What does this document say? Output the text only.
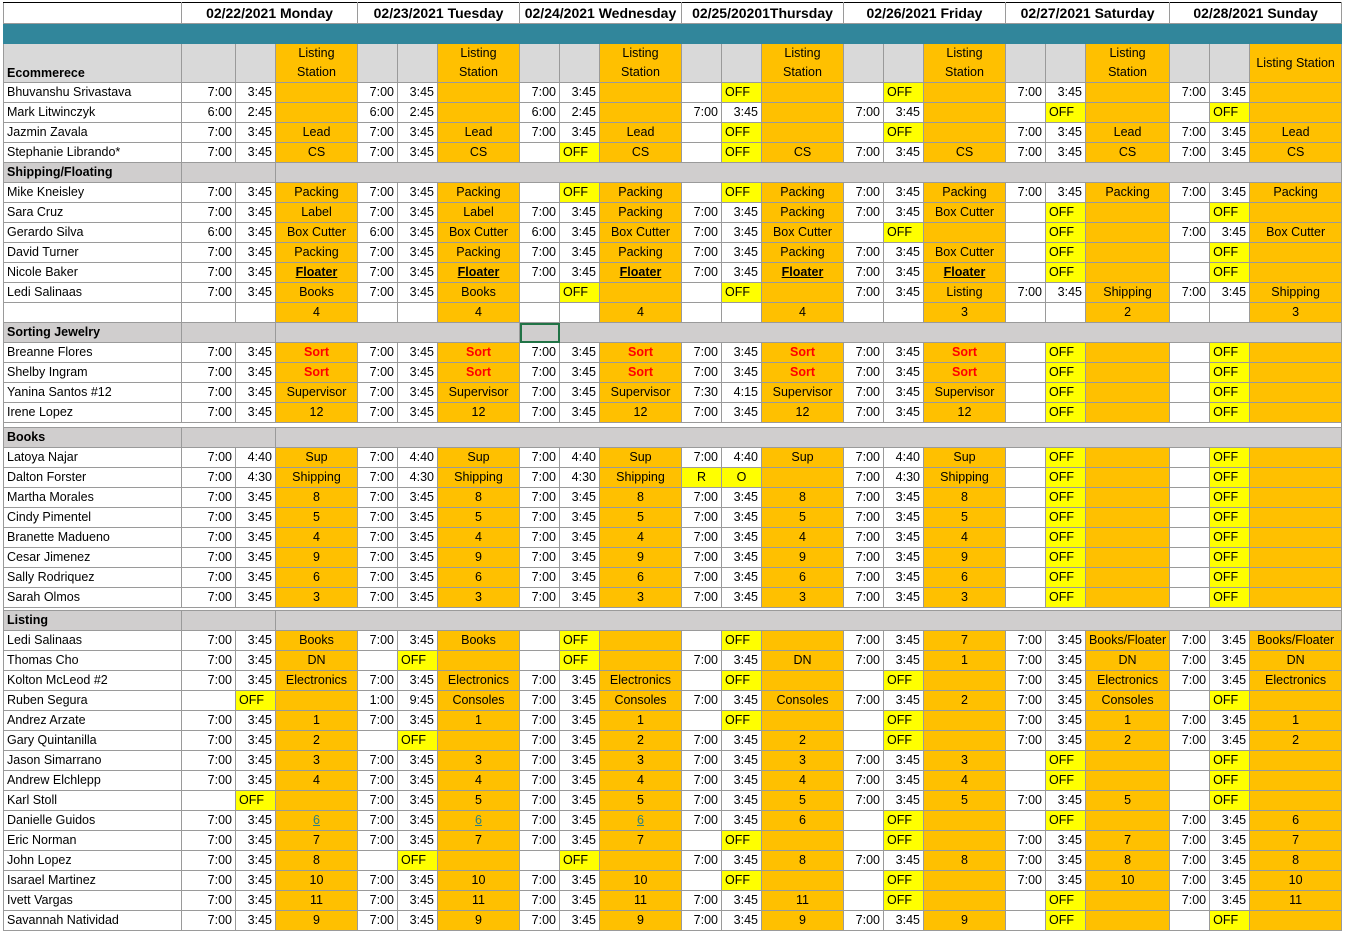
	02/22/2021 Monday			02/23/2021 Tuesday			02/24/2021 Wednesday			02/25/20201Thursday			02/26/2021 Friday			02/27/2021 Saturday			02/28/2021 Sunday		

Ecommerece			Listing Station			Listing Station			Listing Station			Listing Station			Listing Station			Listing Station			Listing Station
Bhuvanshu Srivastava	7:00	3:45		7:00	3:45		7:00	3:45			OFF			OFF		7:00	3:45		7:00	3:45	
Mark Litwinczyk	6:00	2:45		6:00	2:45		6:00	2:45		7:00	3:45		7:00	3:45			OFF			OFF	
Jazmin Zavala	7:00	3:45	Lead	7:00	3:45	Lead	7:00	3:45	Lead		OFF			OFF		7:00	3:45	Lead	7:00	3:45	Lead
Stephanie Librando*	7:00	3:45	CS	7:00	3:45	CS		OFF	CS		OFF	CS	7:00	3:45	CS	7:00	3:45	CS	7:00	3:45	CS
Shipping/Floating																					
Mike Kneisley	7:00	3:45	Packing	7:00	3:45	Packing		OFF	Packing		OFF	Packing	7:00	3:45	Packing	7:00	3:45	Packing	7:00	3:45	Packing
Sara Cruz	7:00	3:45	Label	7:00	3:45	Label	7:00	3:45	Packing	7:00	3:45	Packing	7:00	3:45	Box Cutter		OFF			OFF	
Gerardo Silva	6:00	3:45	Box Cutter	6:00	3:45	Box Cutter	6:00	3:45	Box Cutter	7:00	3:45	Box Cutter		OFF			OFF		7:00	3:45	Box Cutter
David Turner	7:00	3:45	Packing	7:00	3:45	Packing	7:00	3:45	Packing	7:00	3:45	Packing	7:00	3:45	Box Cutter		OFF			OFF	
Nicole Baker	7:00	3:45	Floater	7:00	3:45	Floater	7:00	3:45	Floater	7:00	3:45	Floater	7:00	3:45	Floater		OFF			OFF	
Ledi Salinaas	7:00	3:45	Books	7:00	3:45	Books		OFF			OFF		7:00	3:45	Listing	7:00	3:45	Shipping	7:00	3:45	Shipping
			4			4			4			4			3			2			3
Sorting Jewelry																					
Breanne Flores	7:00	3:45	Sort	7:00	3:45	Sort	7:00	3:45	Sort	7:00	3:45	Sort	7:00	3:45	Sort		OFF			OFF	
Shelby Ingram	7:00	3:45	Sort	7:00	3:45	Sort	7:00	3:45	Sort	7:00	3:45	Sort	7:00	3:45	Sort		OFF			OFF	
Yanina Santos #12	7:00	3:45	Supervisor	7:00	3:45	Supervisor	7:00	3:45	Supervisor	7:30	4:15	Supervisor	7:00	3:45	Supervisor		OFF			OFF	
Irene Lopez	7:00	3:45	12	7:00	3:45	12	7:00	3:45	12	7:00	3:45	12	7:00	3:45	12		OFF			OFF	

Books																					
Latoya Najar	7:00	4:40	Sup	7:00	4:40	Sup	7:00	4:40	Sup	7:00	4:40	Sup	7:00	4:40	Sup		OFF			OFF	
Dalton Forster	7:00	4:30	Shipping	7:00	4:30	Shipping	7:00	4:30	Shipping	R	O		7:00	4:30	Shipping		OFF			OFF	
Martha Morales	7:00	3:45	8	7:00	3:45	8	7:00	3:45	8	7:00	3:45	8	7:00	3:45	8		OFF			OFF	
Cindy Pimentel	7:00	3:45	5	7:00	3:45	5	7:00	3:45	5	7:00	3:45	5	7:00	3:45	5		OFF			OFF	
Branette Madueno	7:00	3:45	4	7:00	3:45	4	7:00	3:45	4	7:00	3:45	4	7:00	3:45	4		OFF			OFF	
Cesar Jimenez	7:00	3:45	9	7:00	3:45	9	7:00	3:45	9	7:00	3:45	9	7:00	3:45	9		OFF			OFF	
Sally Rodriquez	7:00	3:45	6	7:00	3:45	6	7:00	3:45	6	7:00	3:45	6	7:00	3:45	6		OFF			OFF	
Sarah Olmos	7:00	3:45	3	7:00	3:45	3	7:00	3:45	3	7:00	3:45	3	7:00	3:45	3		OFF			OFF	

Listing																					
Ledi Salinaas	7:00	3:45	Books	7:00	3:45	Books		OFF			OFF		7:00	3:45	7	7:00	3:45	Books/Floater	7:00	3:45	Books/Floater
Thomas Cho	7:00	3:45	DN		OFF			OFF		7:00	3:45	DN	7:00	3:45	1	7:00	3:45	DN	7:00	3:45	DN
Kolton McLeod #2	7:00	3:45	Electronics	7:00	3:45	Electronics	7:00	3:45	Electronics		OFF			OFF		7:00	3:45	Electronics	7:00	3:45	Electronics
Ruben Segura		OFF		1:00	9:45	Consoles	7:00	3:45	Consoles	7:00	3:45	Consoles	7:00	3:45	2	7:00	3:45	Consoles		OFF	
Andrez Arzate	7:00	3:45	1	7:00	3:45	1	7:00	3:45	1		OFF			OFF		7:00	3:45	1	7:00	3:45	1
Gary Quintanilla	7:00	3:45	2		OFF		7:00	3:45	2	7:00	3:45	2		OFF		7:00	3:45	2	7:00	3:45	2
Jason Simarrano	7:00	3:45	3	7:00	3:45	3	7:00	3:45	3	7:00	3:45	3	7:00	3:45	3		OFF			OFF	
Andrew Elchlepp	7:00	3:45	4	7:00	3:45	4	7:00	3:45	4	7:00	3:45	4	7:00	3:45	4		OFF			OFF	
Karl Stoll		OFF		7:00	3:45	5	7:00	3:45	5	7:00	3:45	5	7:00	3:45	5	7:00	3:45	5		OFF	
Danielle Guidos	7:00	3:45	6	7:00	3:45	6	7:00	3:45	6	7:00	3:45	6		OFF			OFF		7:00	3:45	6
Eric Norman	7:00	3:45	7	7:00	3:45	7	7:00	3:45	7		OFF			OFF		7:00	3:45	7	7:00	3:45	7
John Lopez	7:00	3:45	8		OFF			OFF		7:00	3:45	8	7:00	3:45	8	7:00	3:45	8	7:00	3:45	8
Isarael Martinez	7:00	3:45	10	7:00	3:45	10	7:00	3:45	10		OFF			OFF		7:00	3:45	10	7:00	3:45	10
Ivett Vargas	7:00	3:45	11	7:00	3:45	11	7:00	3:45	11	7:00	3:45	11		OFF			OFF		7:00	3:45	11
Savannah Natividad	7:00	3:45	9	7:00	3:45	9	7:00	3:45	9	7:00	3:45	9	7:00	3:45	9		OFF			OFF	
